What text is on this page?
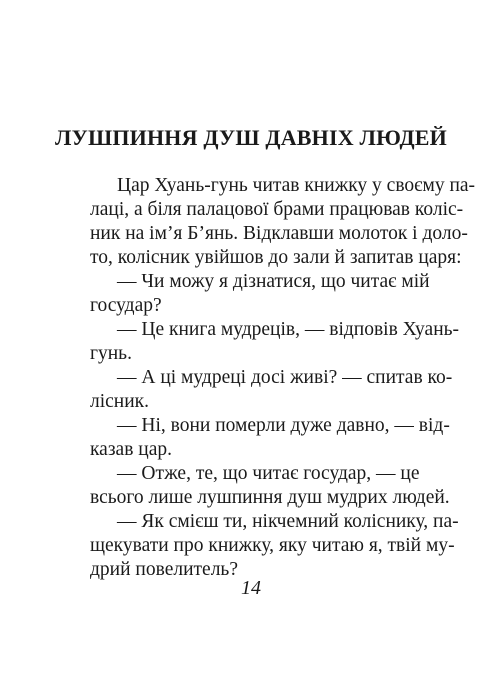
ЛУШПИННЯ ДУШ ДАВНІХ ЛЮДЕЙ
Цар Хуань-гунь читав книжку у своєму па-
лаці, а біля палацової брами працював коліс-
ник на ім’я Б’янь. Відклавши молоток і доло-
то, колісник увійшов до зали й запитав царя:
— Чи можу я дізнатися, що читає мій
государ?
— Це книга мудреців, — відповів Хуань-
гунь.
— А ці мудреці досі живі? — спитав ко-
лісник.
— Ні, вони померли дуже давно, — від-
казав цар.
— Отже, те, що читає государ, — це
всього лише лушпиння душ мудрих людей.
— Як смієш ти, нікчемний коліснику, па-
щекувати про книжку, яку читаю я, твій му-
дрий повелитель?
14
